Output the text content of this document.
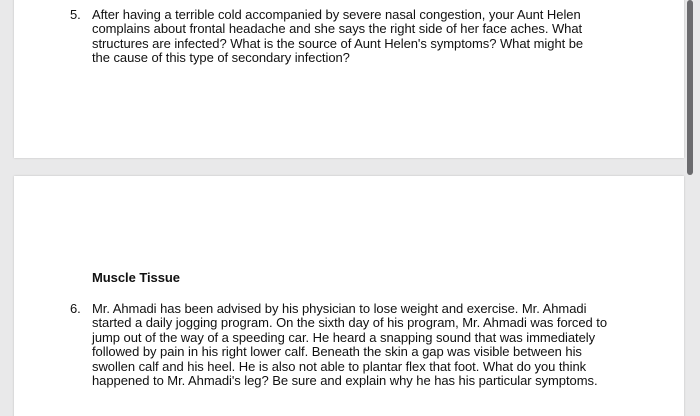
5. After having a terrible cold accompanied by severe nasal congestion, your Aunt Helen complains about frontal headache and she says the right side of her face aches. What structures are infected? What is the source of Aunt Helen's symptoms? What might be the cause of this type of secondary infection?
Muscle Tissue
6. Mr. Ahmadi has been advised by his physician to lose weight and exercise. Mr. Ahmadi started a daily jogging program. On the sixth day of his program, Mr. Ahmadi was forced to jump out of the way of a speeding car. He heard a snapping sound that was immediately followed by pain in his right lower calf. Beneath the skin a gap was visible between his swollen calf and his heel. He is also not able to plantar flex that foot. What do you think happened to Mr. Ahmadi's leg? Be sure and explain why he has his particular symptoms.
